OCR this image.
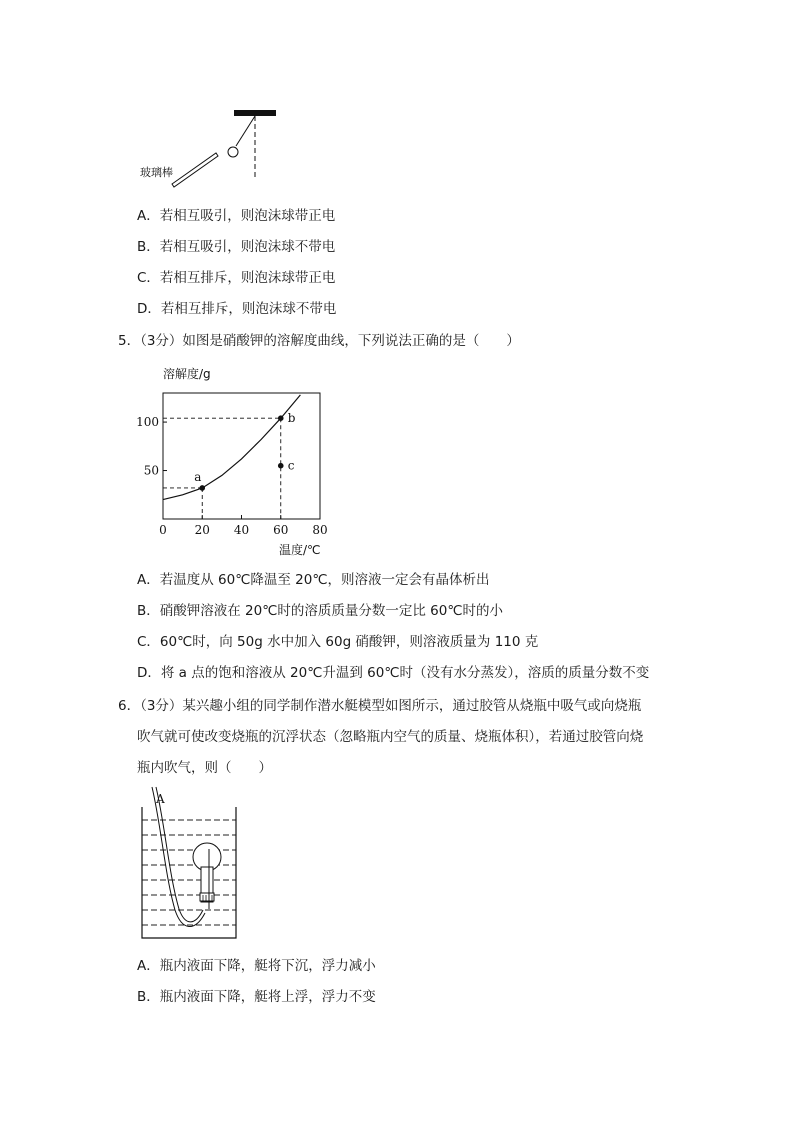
玻璃棒
A．若相互吸引，则泡沫球带正电
B．若相互吸引，则泡沫球不带电
C．若相互排斥，则泡沫球带正电
D．若相互排斥，则泡沫球不带电
5．（3分）如图是硝酸钾的溶解度曲线，下列说法正确的是（　　）
溶解度/g
温度/℃
0 20 40 60 80
50
100
a
b
c
A．若温度从 60℃降温至 20℃，则溶液一定会有晶体析出
B．硝酸钾溶液在 20℃时的溶质质量分数一定比 60℃时的小
C．60℃时，向 50g 水中加入 60g 硝酸钾，则溶液质量为 110 克
D．将 a 点的饱和溶液从 20℃升温到 60℃时（没有水分蒸发），溶质的质量分数不变
6．（3分）某兴趣小组的同学制作潜水艇模型如图所示，通过胶管从烧瓶中吸气或向烧瓶
吹气就可使改变烧瓶的沉浮状态（忽略瓶内空气的质量、烧瓶体积），若通过胶管向烧
瓶内吹气，则（　　）
A
A．瓶内液面下降，艇将下沉，浮力减小
B．瓶内液面下降，艇将上浮，浮力不变
